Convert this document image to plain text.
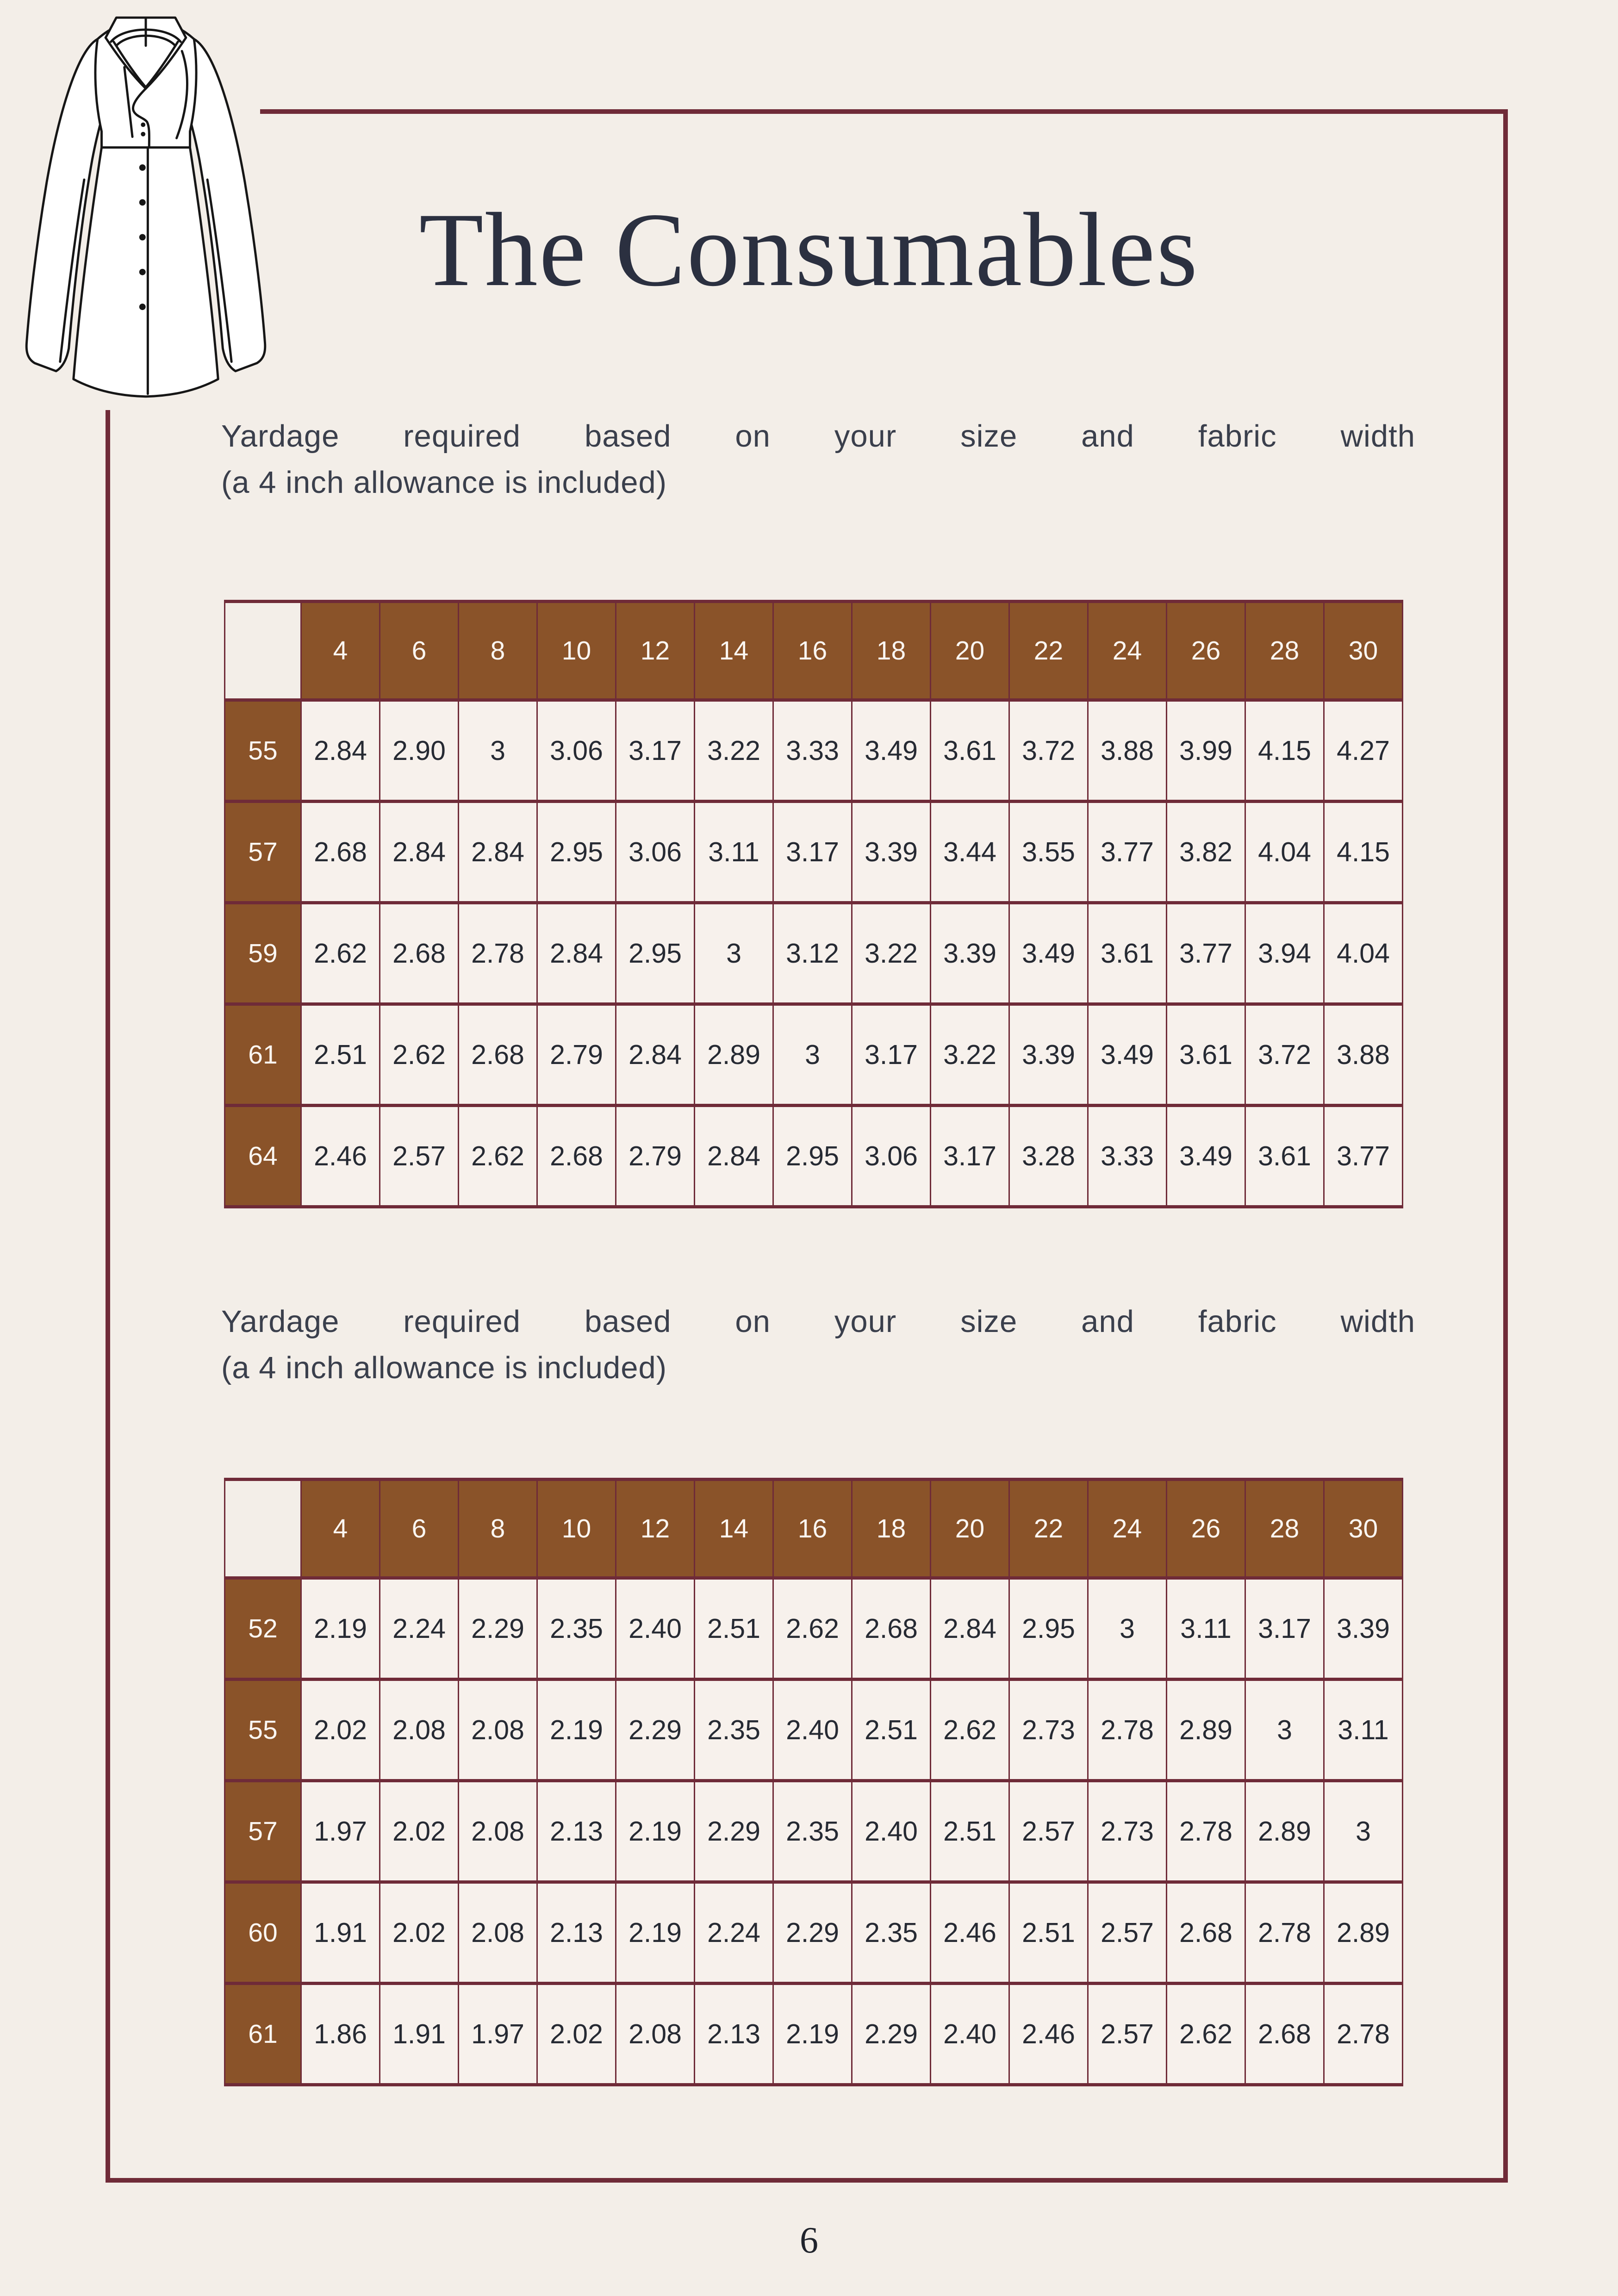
The Consumables
Yardage required based on your size and fabric width
(a 4 inch allowance is included)
	4	6	8	10	12	14	16	18	20	22	24	26	28	30
55	2.84	2.90	3	3.06	3.17	3.22	3.33	3.49	3.61	3.72	3.88	3.99	4.15	4.27
57	2.68	2.84	2.84	2.95	3.06	3.11	3.17	3.39	3.44	3.55	3.77	3.82	4.04	4.15
59	2.62	2.68	2.78	2.84	2.95	3	3.12	3.22	3.39	3.49	3.61	3.77	3.94	4.04
61	2.51	2.62	2.68	2.79	2.84	2.89	3	3.17	3.22	3.39	3.49	3.61	3.72	3.88
64	2.46	2.57	2.62	2.68	2.79	2.84	2.95	3.06	3.17	3.28	3.33	3.49	3.61	3.77
Yardage required based on your size and fabric width
(a 4 inch allowance is included)
	4	6	8	10	12	14	16	18	20	22	24	26	28	30
52	2.19	2.24	2.29	2.35	2.40	2.51	2.62	2.68	2.84	2.95	3	3.11	3.17	3.39
55	2.02	2.08	2.08	2.19	2.29	2.35	2.40	2.51	2.62	2.73	2.78	2.89	3	3.11
57	1.97	2.02	2.08	2.13	2.19	2.29	2.35	2.40	2.51	2.57	2.73	2.78	2.89	3
60	1.91	2.02	2.08	2.13	2.19	2.24	2.29	2.35	2.46	2.51	2.57	2.68	2.78	2.89
61	1.86	1.91	1.97	2.02	2.08	2.13	2.19	2.29	2.40	2.46	2.57	2.62	2.68	2.78
6
